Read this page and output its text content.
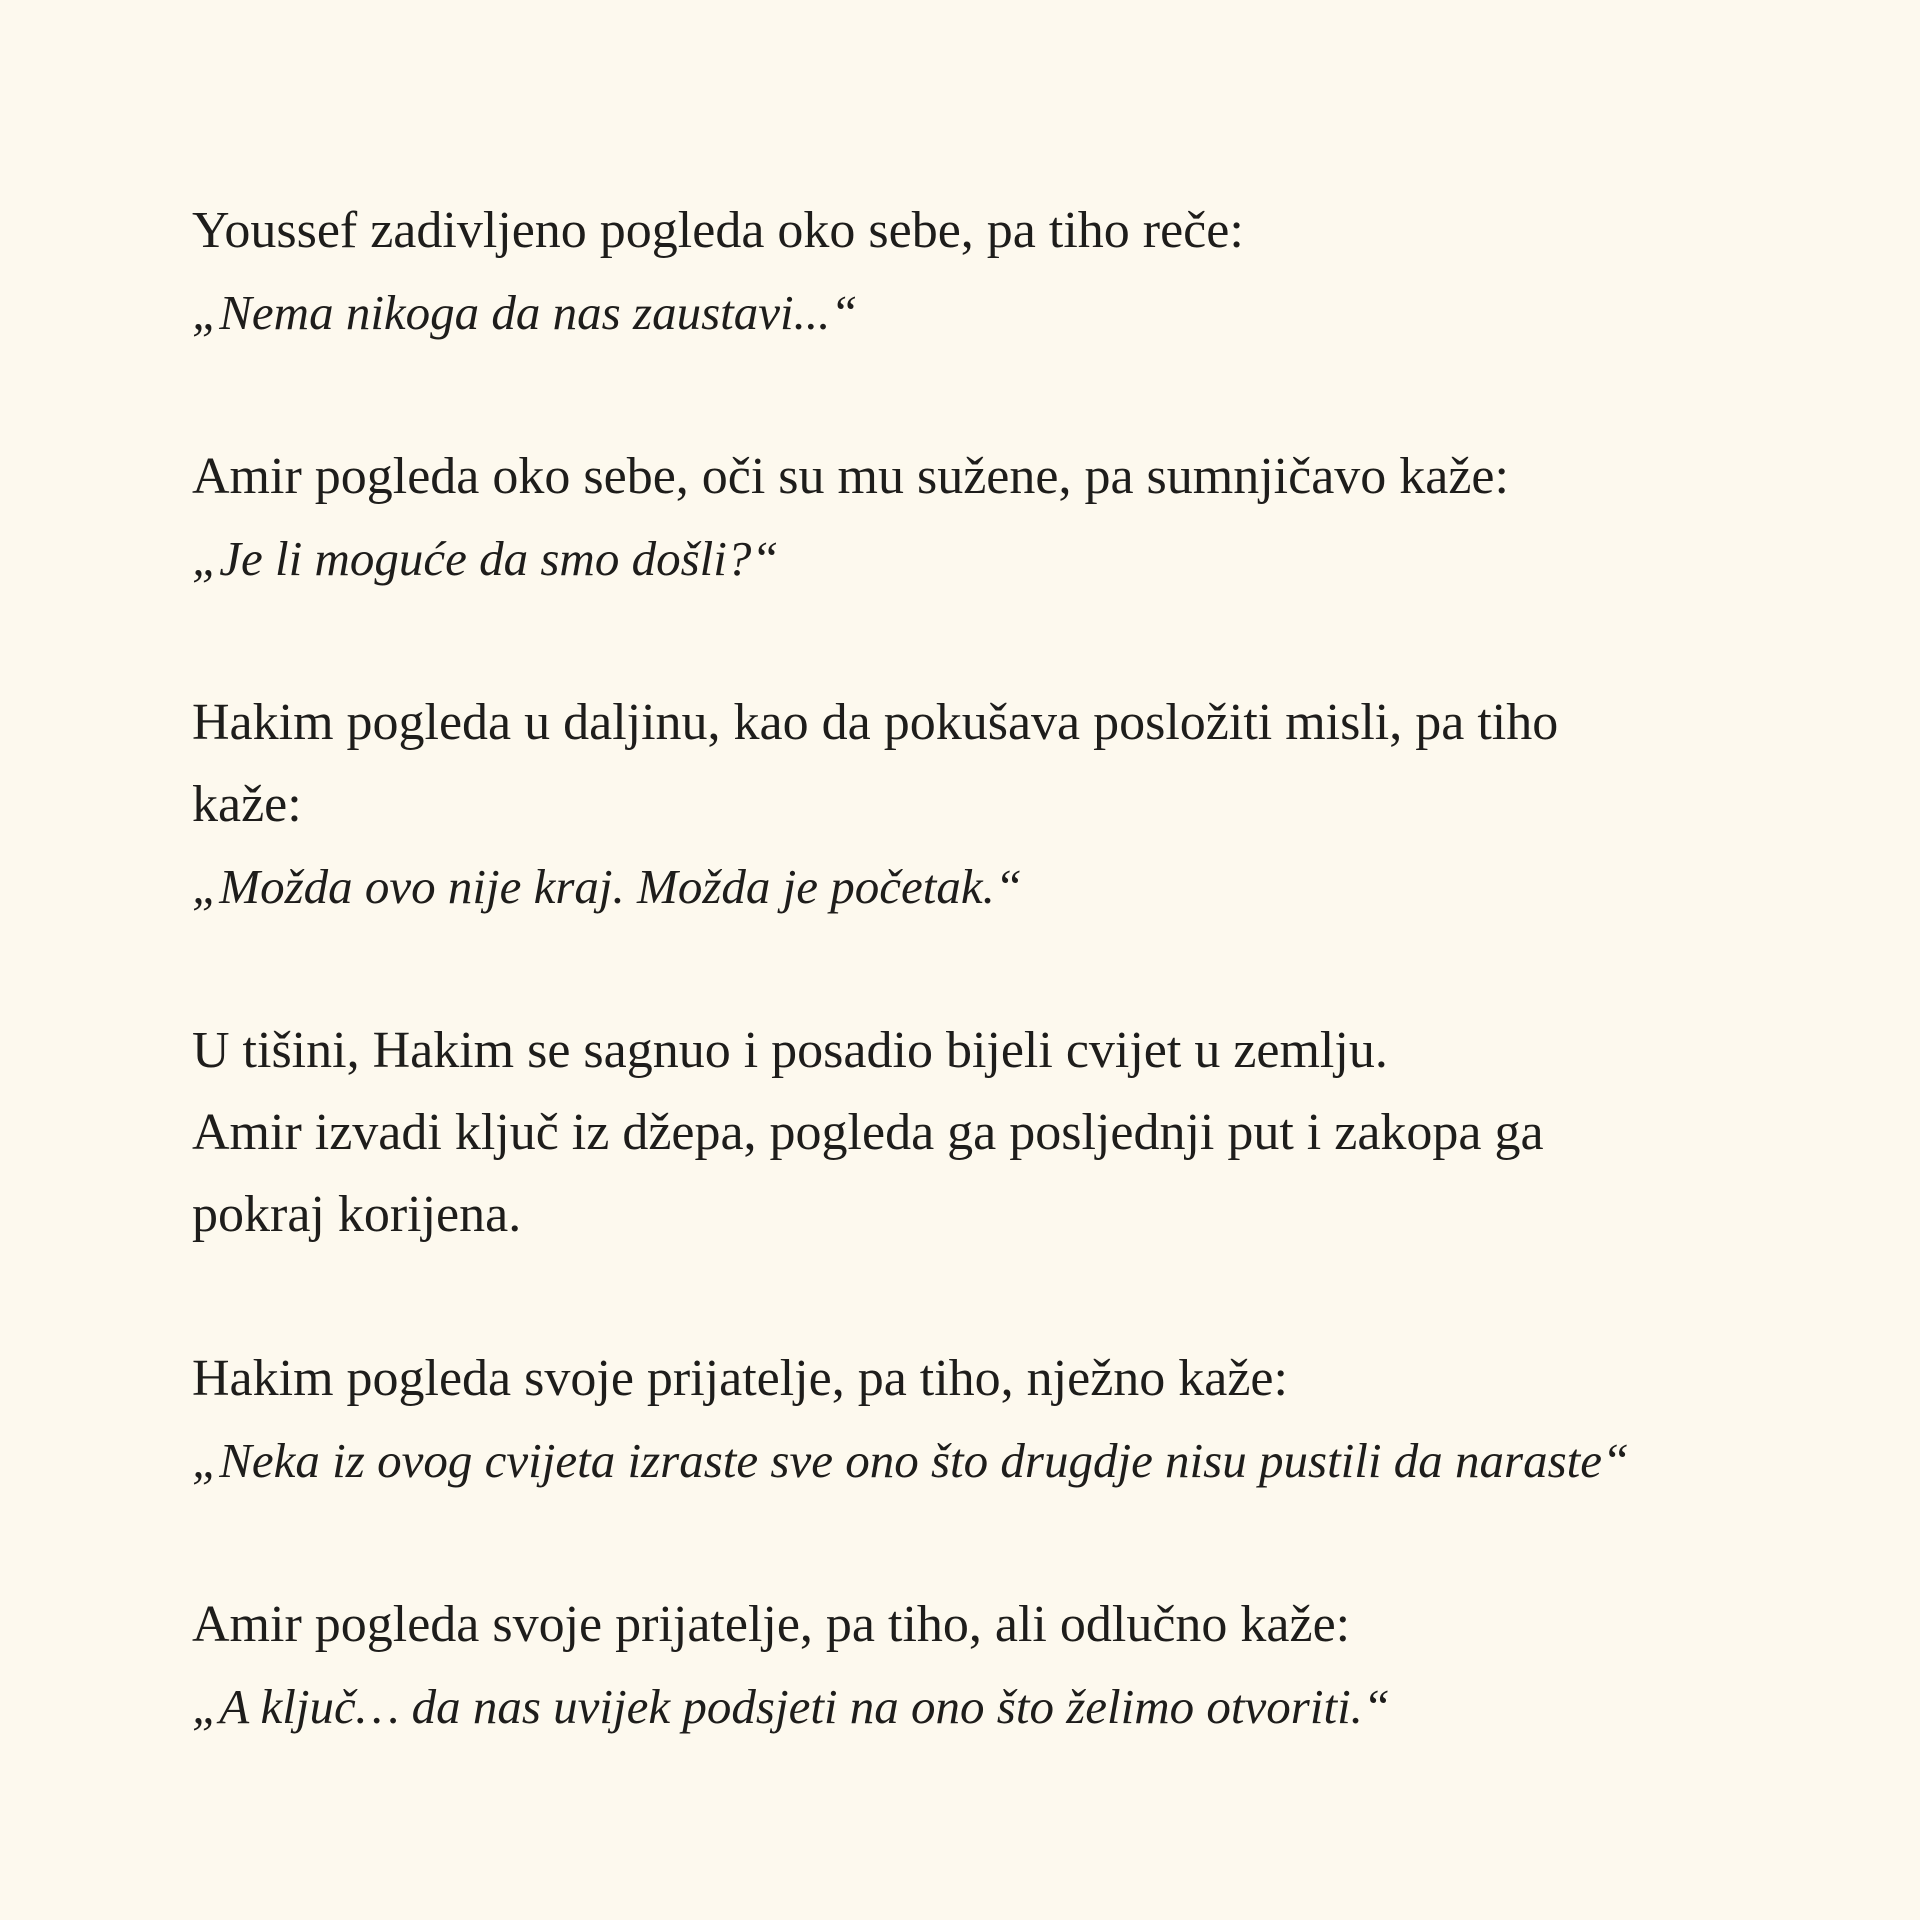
Youssef zadivljeno pogleda oko sebe, pa tiho reče:

„Nema nikoga da nas zaustavi...“

Amir pogleda oko sebe, oči su mu sužene, pa sumnjičavo kaže:

„Je li moguće da smo došli?“

Hakim pogleda u daljinu, kao da pokušava posložiti misli, pa tiho

kaže:

„Možda ovo nije kraj. Možda je početak.“

U tišini, Hakim se sagnuo i posadio bijeli cvijet u zemlju.

Amir izvadi ključ iz džepa, pogleda ga posljednji put i zakopa ga

pokraj korijena.

Hakim pogleda svoje prijatelje, pa tiho, nježno kaže:

„Neka iz ovog cvijeta izraste sve ono što drugdje nisu pustili da naraste“

Amir pogleda svoje prijatelje, pa tiho, ali odlučno kaže:

„A ključ… da nas uvijek podsjeti na ono što želimo otvoriti.“
